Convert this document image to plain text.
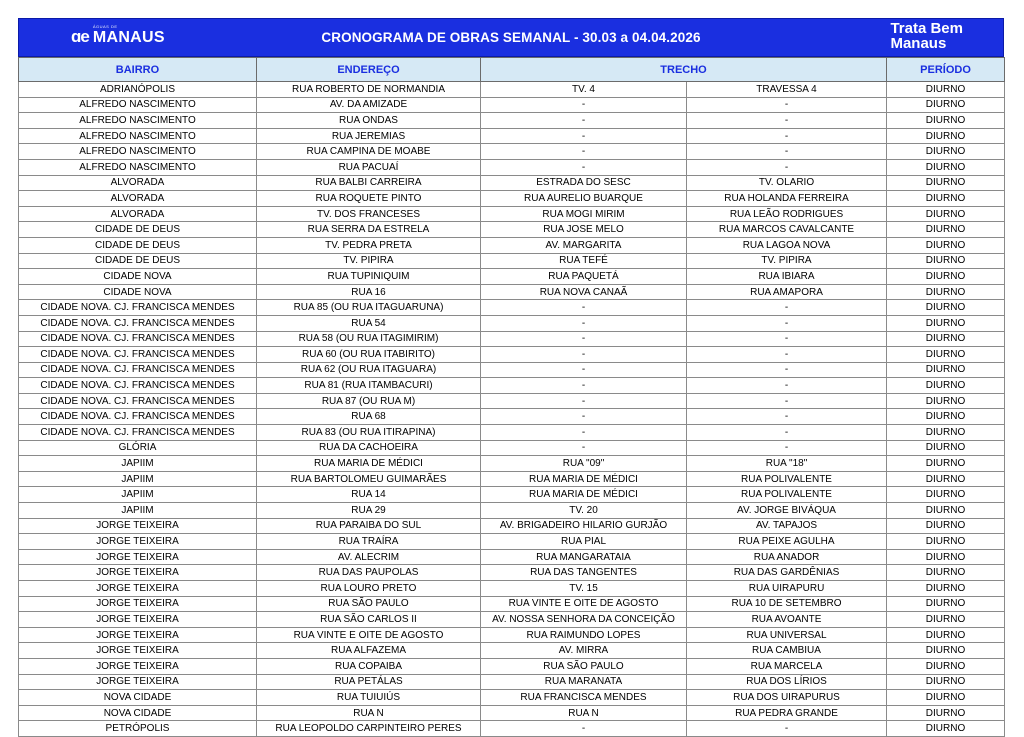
ɑe
ÁGUAS DE
MANAUS	CRONOGRAMA DE OBRAS SEMANAL - 30.03 a 04.04.2026
Trata Bem
Manaus
BAIRRO	ENDEREÇO	TRECHO		PERÍODO
ADRIANÓPOLIS	RUA ROBERTO DE NORMANDIA	TV. 4	TRAVESSA 4	DIURNO
ALFREDO NASCIMENTO	AV. DA AMIZADE	-	-	DIURNO
ALFREDO NASCIMENTO	RUA ONDAS	-	-	DIURNO
ALFREDO NASCIMENTO	RUA JEREMIAS	-	-	DIURNO
ALFREDO NASCIMENTO	RUA CAMPINA DE MOABE	-	-	DIURNO
ALFREDO NASCIMENTO	RUA PACUAÍ	-	-	DIURNO
ALVORADA	RUA BALBI CARREIRA	ESTRADA DO SESC	TV. OLARIO	DIURNO
ALVORADA	RUA ROQUETE PINTO	RUA AURELIO BUARQUE	RUA HOLANDA FERREIRA	DIURNO
ALVORADA	TV. DOS FRANCESES	RUA MOGI MIRIM	RUA LEÃO RODRIGUES	DIURNO
CIDADE DE DEUS	RUA SERRA DA ESTRELA	RUA JOSE MELO	RUA MARCOS CAVALCANTE	DIURNO
CIDADE DE DEUS	TV. PEDRA PRETA	AV. MARGARITA	RUA LAGOA NOVA	DIURNO
CIDADE DE DEUS	TV. PIPIRA	RUA TEFÉ	TV. PIPIRA	DIURNO
CIDADE NOVA	RUA TUPINIQUIM	RUA PAQUETÁ	RUA IBIARA	DIURNO
CIDADE NOVA	RUA 16	RUA NOVA CANAÃ	RUA AMAPORA	DIURNO
CIDADE NOVA. CJ. FRANCISCA MENDES	RUA 85 (OU RUA ITAGUARUNA)	-	-	DIURNO
CIDADE NOVA. CJ. FRANCISCA MENDES	RUA 54	-	-	DIURNO
CIDADE NOVA. CJ. FRANCISCA MENDES	RUA 58 (OU RUA ITAGIMIRIM)	-	-	DIURNO
CIDADE NOVA. CJ. FRANCISCA MENDES	RUA 60 (OU RUA ITABIRITO)	-	-	DIURNO
CIDADE NOVA. CJ. FRANCISCA MENDES	RUA 62 (OU RUA ITAGUARA)	-	-	DIURNO
CIDADE NOVA. CJ. FRANCISCA MENDES	RUA 81 (RUA ITAMBACURI)	-	-	DIURNO
CIDADE NOVA. CJ. FRANCISCA MENDES	RUA 87 (OU RUA M)	-	-	DIURNO
CIDADE NOVA. CJ. FRANCISCA MENDES	RUA 68	-	-	DIURNO
CIDADE NOVA. CJ. FRANCISCA MENDES	RUA 83 (OU RUA ITIRAPINA)	-	-	DIURNO
GLÓRIA	RUA DA CACHOEIRA	-	-	DIURNO
JAPIIM	RUA MARIA DE MÉDICI	RUA "09"	RUA "18"	DIURNO
JAPIIM	RUA BARTOLOMEU GUIMARÃES	RUA MARIA DE MÉDICI	RUA POLIVALENTE	DIURNO
JAPIIM	RUA 14	RUA MARIA DE MÉDICI	RUA POLIVALENTE	DIURNO
JAPIIM	RUA 29	TV. 20	AV. JORGE BIVÁQUA	DIURNO
JORGE TEIXEIRA	RUA PARAIBA DO SUL	AV. BRIGADEIRO HILARIO GURJÃO	AV. TAPAJOS	DIURNO
JORGE TEIXEIRA	RUA TRAÍRA	RUA PIAL	RUA PEIXE AGULHA	DIURNO
JORGE TEIXEIRA	AV. ALECRIM	RUA MANGARATAIA	RUA ANADOR	DIURNO
JORGE TEIXEIRA	RUA DAS PAUPOLAS	RUA DAS TANGENTES	RUA DAS GARDÊNIAS	DIURNO
JORGE TEIXEIRA	RUA LOURO PRETO	TV. 15	RUA UIRAPURU	DIURNO
JORGE TEIXEIRA	RUA SÃO PAULO	RUA VINTE E OITE DE AGOSTO	RUA 10 DE SETEMBRO	DIURNO
JORGE TEIXEIRA	RUA SÃO CARLOS II	AV. NOSSA SENHORA DA CONCEIÇÃO	RUA AVOANTE	DIURNO
JORGE TEIXEIRA	RUA VINTE E OITE DE AGOSTO	RUA RAIMUNDO LOPES	RUA UNIVERSAL	DIURNO
JORGE TEIXEIRA	RUA ALFAZEMA	AV. MIRRA	RUA CAMBIUA	DIURNO
JORGE TEIXEIRA	RUA COPAIBA	RUA SÃO PAULO	RUA MARCELA	DIURNO
JORGE TEIXEIRA	RUA PETÁLAS	RUA MARANATA	RUA DOS LÍRIOS	DIURNO
NOVA CIDADE	RUA TUIUIÚS	RUA FRANCISCA MENDES	RUA DOS UIRAPURUS	DIURNO
NOVA CIDADE	RUA N	RUA N	RUA PEDRA GRANDE	DIURNO
PETRÓPOLIS	RUA LEOPOLDO CARPINTEIRO PERES	-	-	DIURNO
